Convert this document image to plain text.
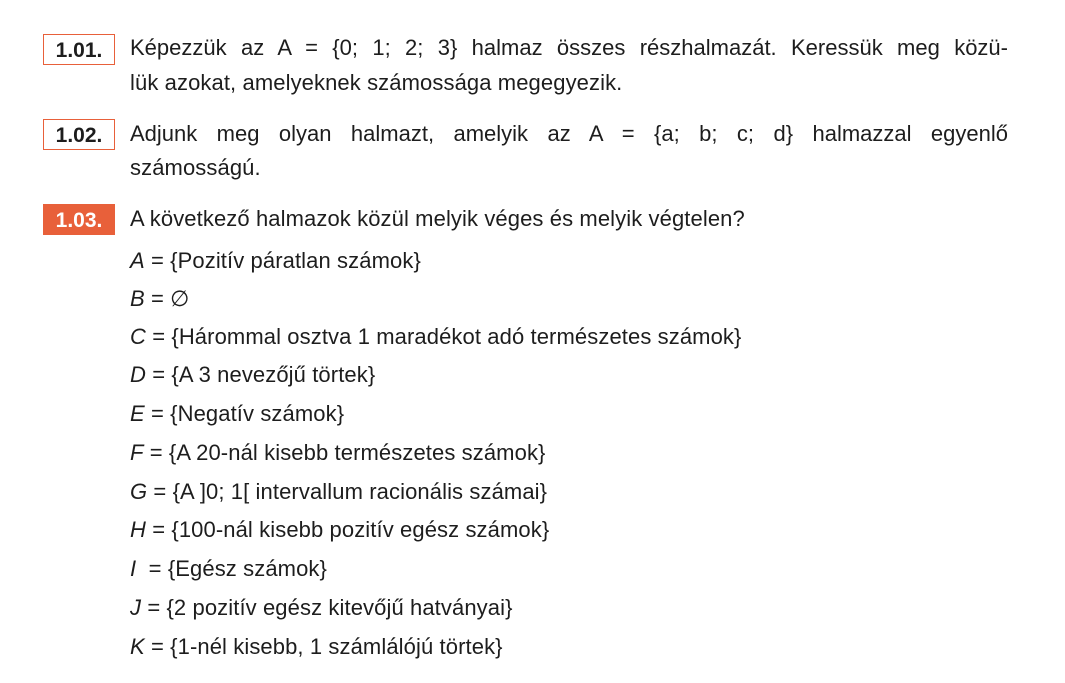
1.01.	Képezzük az A = {0; 1; 2; 3} halmaz összes részhalmazát. Keressük meg közü-
lük azokat, amelyeknek számossága megegyezik.
1.02.	Adjunk meg olyan halmazt, amelyik az A = {a; b; c; d} halmazzal egyenlő
számosságú.
1.03.	A következő halmazok közül melyik véges és melyik végtelen?
A = {Pozitív páratlan számok}
B = ∅
C = {Hárommal osztva 1 maradékot adó természetes számok}
D = {A 3 nevezőjű törtek}
E = {Negatív számok}
F = {A 20-nál kisebb természetes számok}
G = {A ]0; 1[ intervallum racionális számai}
H = {100-nál kisebb pozitív egész számok}
I  = {Egész számok}
J = {2 pozitív egész kitevőjű hatványai}
K = {1-nél kisebb, 1 számlálójú törtek}
